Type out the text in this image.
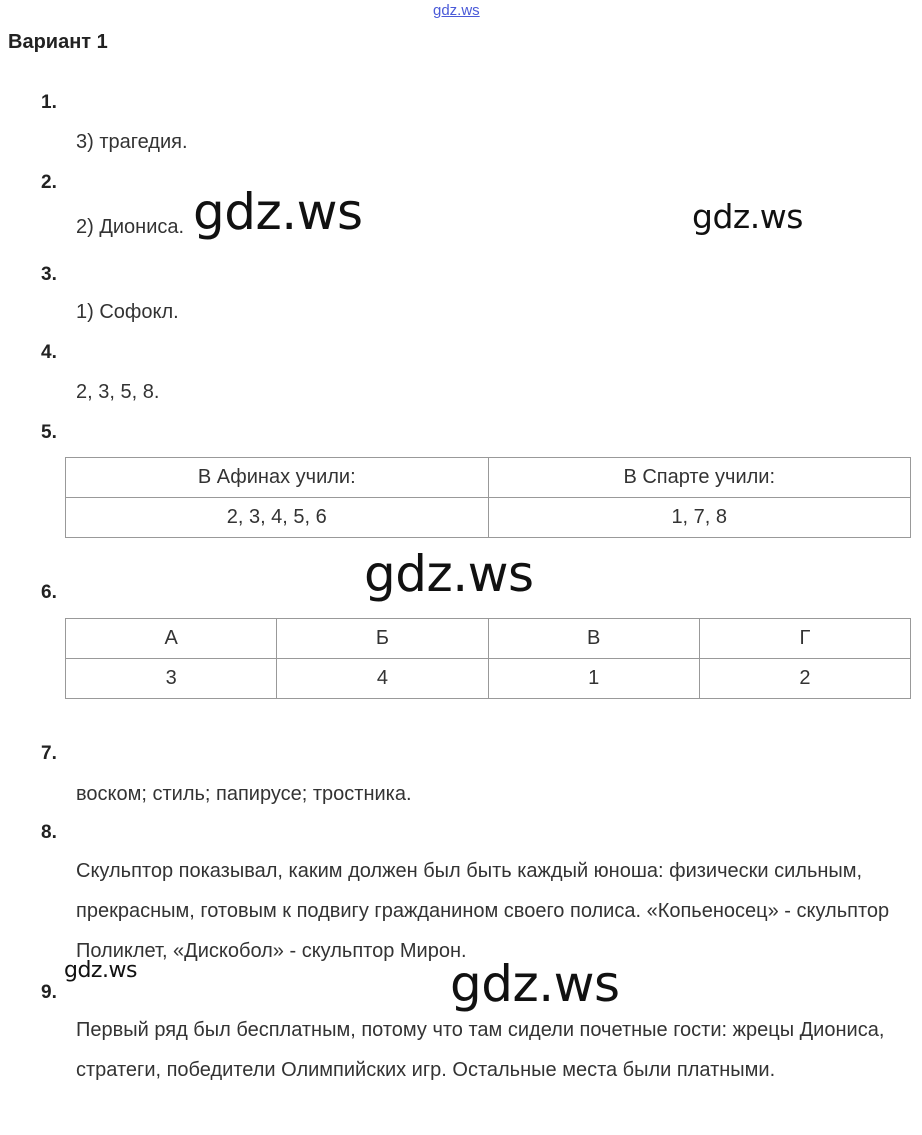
gdz.ws
Вариант 1
1.
3) трагедия.
2.
2) Диониса.
3.
1) Софокл.
4.
2, 3, 5, 8.
5.
В Афинах учили:	В Спарте учили:
2, 3, 4, 5, 6	1, 7, 8
6.
А	Б	В	Г
3	4	1	2
7.
воском; стиль; папирусе; тростника.
8.
Скульптор показывал, каким должен был быть каждый юноша: физически сильным, прекрасным, готовым к подвигу гражданином своего полиса. «Копьеносец» - скульптор Поликлет, «Дискобол» - скульптор Мирон.
9.
Первый ряд был бесплатным, потому что там сидели почетные гости: жрецы Диониса, стратеги, победители Олимпийских игр. Остальные места были платными.
gdz.ws	gdz.ws
gdz.ws
gdz.ws	gdz.ws
